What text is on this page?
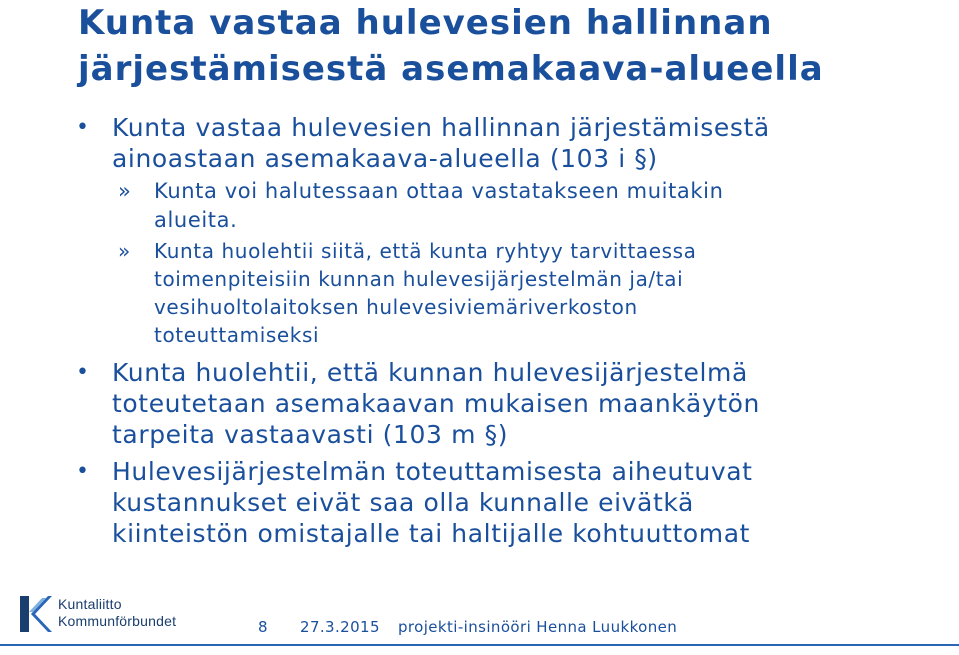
Kunta vastaa hulevesien hallinnan
järjestämisestä asemakaava-alueella
• Kunta vastaa hulevesien hallinnan järjestämisestä
ainoastaan asemakaava-alueella (103 i §)
» Kunta voi halutessaan ottaa vastatakseen muitakin
alueita.
» Kunta huolehtii siitä, että kunta ryhtyy tarvittaessa
toimenpiteisiin kunnan hulevesijärjestelmän ja/tai
vesihuoltolaitoksen hulevesiviemäriverkoston
toteuttamiseksi
• Kunta huolehtii, että kunnan hulevesijärjestelmä
toteutetaan asemakaavan mukaisen maankäytön
tarpeita vastaavasti (103 m §)
• Hulevesijärjestelmän toteuttamisesta aiheutuvat
kustannukset eivät saa olla kunnalle eivätkä
kiinteistön omistajalle tai haltijalle kohtuuttomat
Kuntaliitto
Kommunförbundet	8 27.3.2015 projekti-insinööri Henna Luukkonen
